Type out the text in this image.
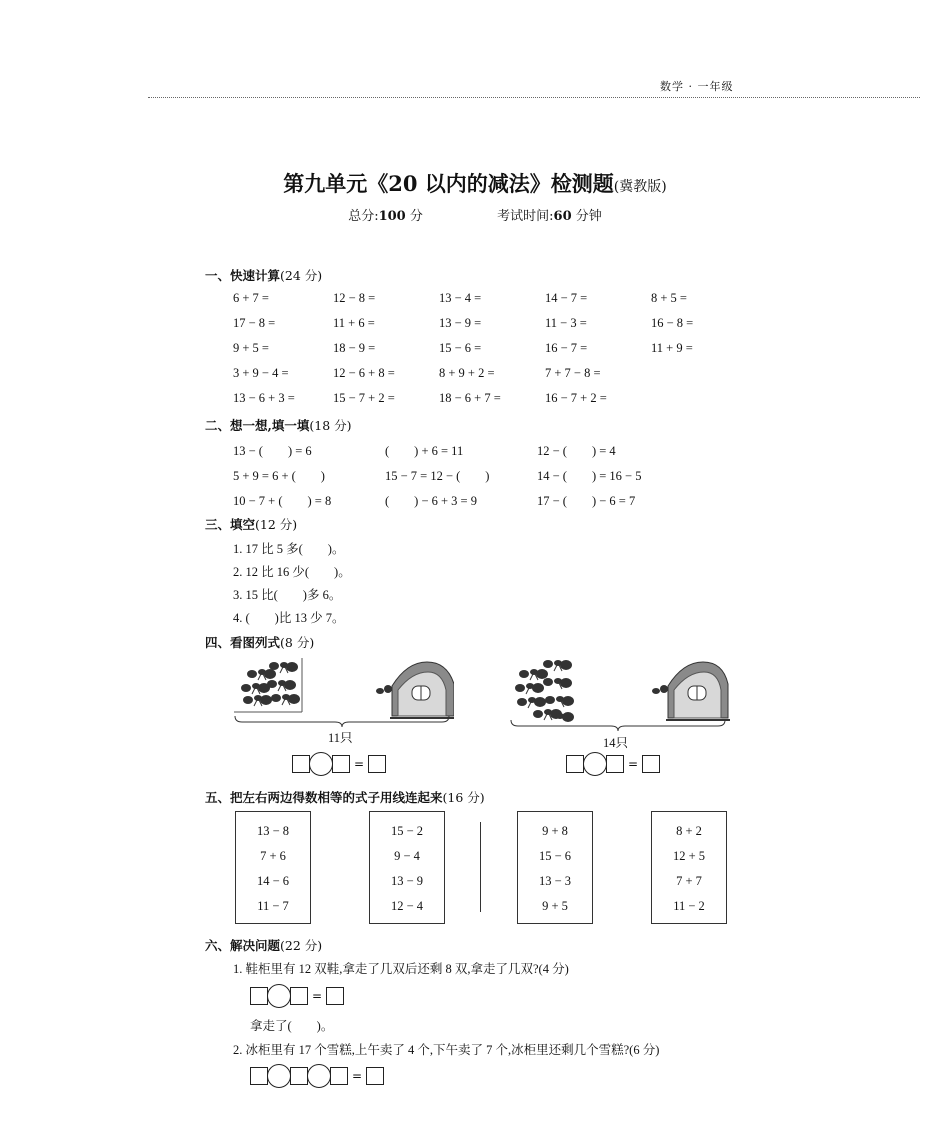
数学 · 一年级
第九单元《20 以内的减法》检测题(冀教版)
总分:100 分	考试时间:60 分钟
一、快速计算(24 分)
6 + 7 =	12 − 8 =	13 − 4 =	14 − 7 =	8 + 5 =
17 − 8 =	11 + 6 =	13 − 9 =	11 − 3 =	16 − 8 =
9 + 5 =	18 − 9 =	15 − 6 =	16 − 7 =	11 + 9 =
3 + 9 − 4 =	12 − 6 + 8 =	8 + 9 + 2 =	7 + 7 − 8 =
13 − 6 + 3 =	15 − 7 + 2 =	18 − 6 + 7 =	16 − 7 + 2 =
二、想一想,填一填(18 分)
13 − (　　) = 6	(　　) + 6 = 11	12 − (　　) = 4
5 + 9 = 6 + (　　)	15 − 7 = 12 − (　　)	14 − (　　) = 16 − 5
10 − 7 + (　　) = 8	(　　) − 6 + 3 = 9	17 − (　　) − 6 = 7
三、填空(12 分)
1. 17 比 5 多(　　)。
2. 12 比 16 少(　　)。
3. 15 比(　　)多 6。
4. (　　)比 13 少 7。
四、看图列式(8 分)
11只
=
14只
=
五、把左右两边得数相等的式子用线连起来(16 分)
13 − 8
7 + 6
14 − 6
11 − 7
15 − 2
9 − 4
13 − 9
12 − 4
9 + 8
15 − 6
13 − 3
9 + 5
8 + 2
12 + 5
7 + 7
11 − 2
六、解决问题(22 分)
1. 鞋柜里有 12 双鞋,拿走了几双后还剩 8 双,拿走了几双?(4 分)
=
拿走了(　　)。
2. 冰柜里有 17 个雪糕,上午卖了 4 个,下午卖了 7 个,冰柜里还剩几个雪糕?(6 分)
=
